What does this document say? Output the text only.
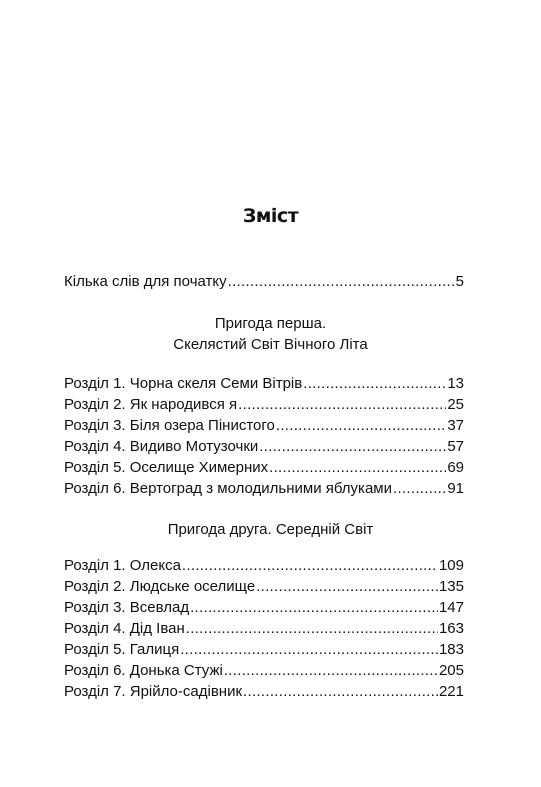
Зміст
Кілька слів для початку .....	5
Пригода перша.
Скелястий Світ Вічного Літа
Розділ 1. Чорна скеля Семи Вітрів .....	13
Розділ 2. Як народився я .....	25
Розділ 3. Біля озера Пінистого .....	37
Розділ 4. Видиво Мотузочки .....	57
Розділ 5. Оселище Химерних .....	69
Розділ 6. Вертоград з молодильними яблуками .....	91
Пригода друга. Середній Світ
Розділ 1. Олекса .....	109
Розділ 2. Людське оселище .....	135
Розділ 3. Всевлад .....	147
Розділ 4. Дід Іван .....	163
Розділ 5. Галиця .....	183
Розділ 6. Донька Стужі .....	205
Розділ 7. Ярійло-садівник .....	221
